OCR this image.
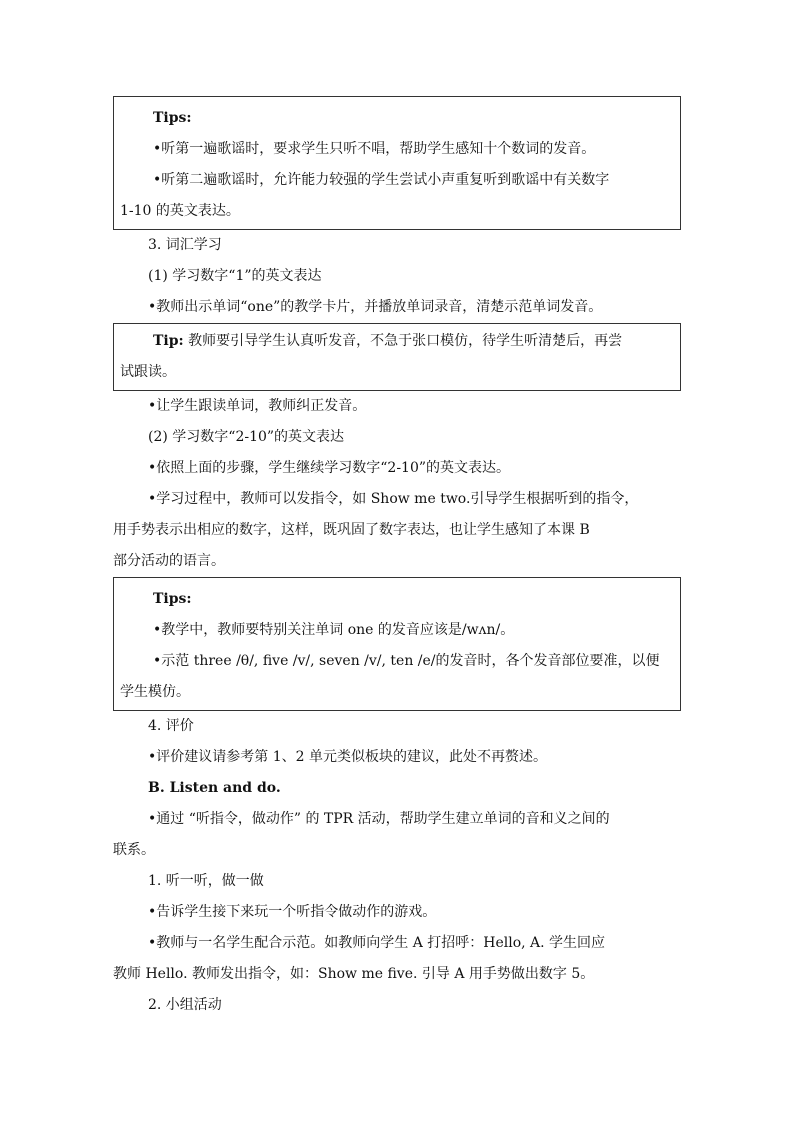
Tips:

•听第一遍歌谣时，要求学生只听不唱，帮助学生感知十个数词的发音。

•听第二遍歌谣时，允许能力较强的学生尝试小声重复听到歌谣中有关数字

1-10 的英文表达。

3. 词汇学习

(1) 学习数字“1”的英文表达

•教师出示单词“one”的教学卡片，并播放单词录音，清楚示范单词发音。

Tip: 教师要引导学生认真听发音，不急于张口模仿，待学生听清楚后，再尝

试跟读。

•让学生跟读单词，教师纠正发音。

(2) 学习数字“2-10”的英文表达

•依照上面的步骤，学生继续学习数字“2-10”的英文表达。

•学习过程中，教师可以发指令，如 Show me two.引导学生根据听到的指令，

用手势表示出相应的数字，这样，既巩固了数字表达，也让学生感知了本课 B

部分活动的语言。

Tips:

•教学中，教师要特别关注单词 one 的发音应该是/wʌn/。

•示范 three /θ/, five /v/, seven /v/, ten /e/的发音时，各个发音部位要准，以便

学生模仿。

4. 评价

•评价建议请参考第 1、2 单元类似板块的建议，此处不再赘述。

B. Listen and do.

•通过 “听指令，做动作” 的 TPR 活动，帮助学生建立单词的音和义之间的

联系。

1. 听一听，做一做

•告诉学生接下来玩一个听指令做动作的游戏。

•教师与一名学生配合示范。如教师向学生 A 打招呼：Hello, A. 学生回应

教师 Hello. 教师发出指令，如：Show me five. 引导 A 用手势做出数字 5。

2. 小组活动
